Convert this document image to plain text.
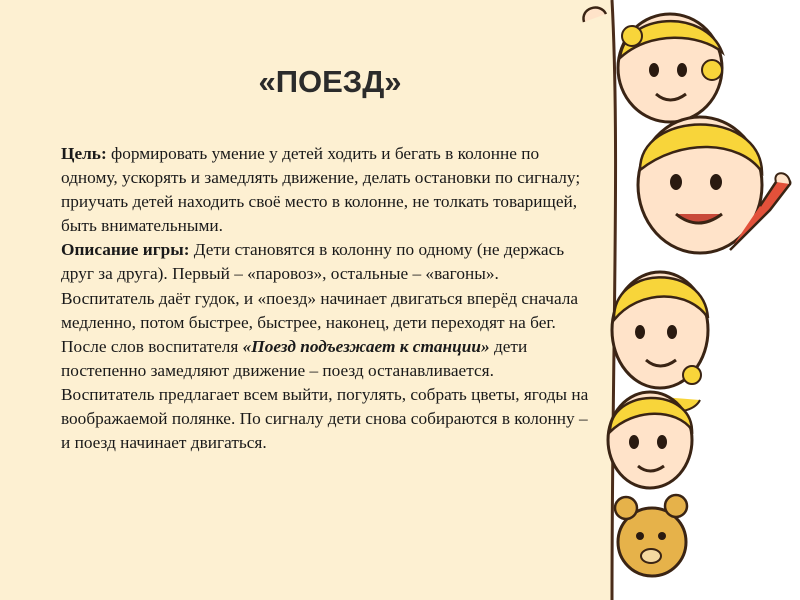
«ПОЕЗД»

Цель: формировать умение у детей ходить и бегать в колонне по одному, ускорять и замедлять движение, делать остановки по сигналу; приучать детей находить своё место в колонне, не толкать товарищей, быть внимательными.
Описание игры: Дети становятся в колонну по одному (не держась друг за друга). Первый – «паровоз», остальные – «вагоны». Воспитатель даёт гудок, и «поезд» начинает двигаться вперёд сначала медленно, потом быстрее, быстрее, наконец, дети переходят на бег. После слов воспитателя «Поезд подъезжает к станции» дети постепенно замедляют движение – поезд останавливается. Воспитатель предлагает всем выйти, погулять, собрать цветы, ягоды на воображаемой полянке. По сигналу дети снова собираются в колонну – и поезд начинает двигаться.
